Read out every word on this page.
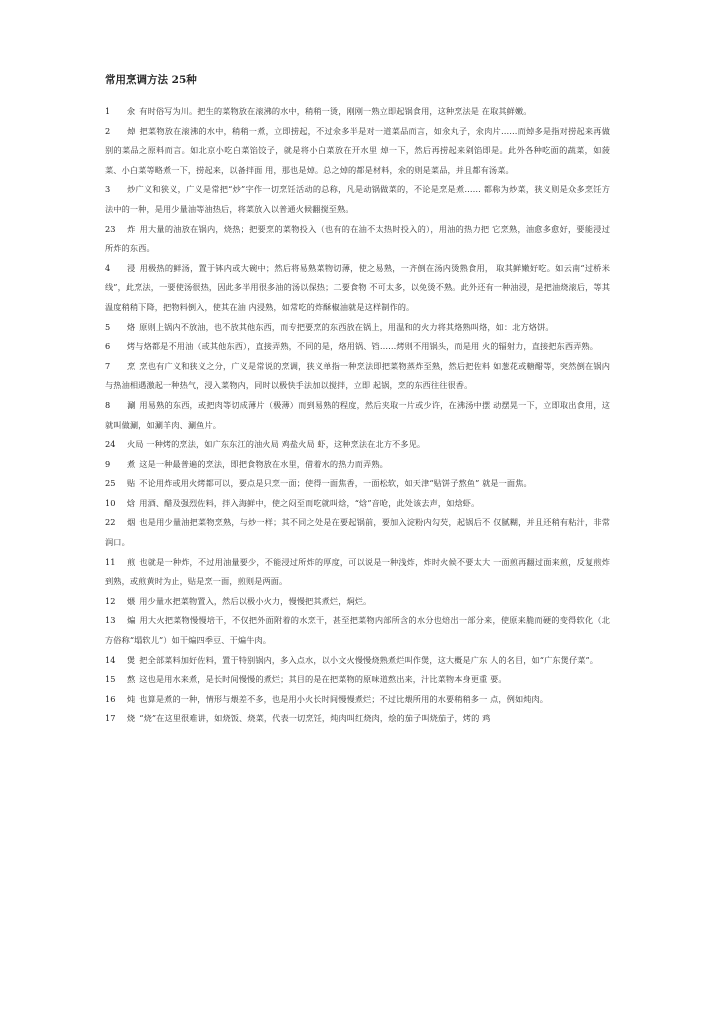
常用烹调方法 25种

1 氽 有时俗写为川。把生的菜物放在滚沸的水中，稍稍一烫，刚刚一熟立即起锅食用，这种烹法是 在取其鲜嫩。

2 焯 把菜物放在滚沸的水中，稍稍一煮，立即捞起，不过氽多半是对一道菜品而言，如氽丸子，氽肉片……而焯多是指对捞起来再做别的菜品之原料而言。如北京小吃白菜馅饺子，就是将小白菜放在开水里 焯一下，然后再捞起来剁馅即是。此外各种吃面的蔬菜，如菠菜、小白菜等略煮一下，捞起来，以备拌面 用，那也是焯。总之焯的都是材料，氽的则是菜品，并且都有汤菜。

3 炒广义和狭义，广义是常把“炒”字作一切烹饪活动的总称，凡是动锅做菜的，不论是烹是煮…… 都称为炒菜，狭义则是众多烹饪方法中的一种，是用少量油等油热后，将菜放入以普通火候翻搅至熟。

23 炸 用大量的油放在锅内，烧热；把要烹的菜物投入（也有的在油不太热时投入的），用油的热力把 它烹熟，油愈多愈好，要能浸过所炸的东西。

4 浸 用极热的鲜汤，置于钵内或大碗中；然后将易熟菜物切薄，使之易熟，一齐倒在汤内烫熟食用， 取其鲜嫩好吃。如云南“过桥米线”，此烹法，一要使汤很热，因此多半用很多油的汤以保热；二要食物 不可太多，以免烫不熟。此外还有一种油浸，是把油烧滚后，等其温度稍稍下降，把物料倒入，使其在油 内浸熟，如常吃的炸酥椒油就是这样制作的。

5 烙 原则上锅内不放油，也不放其他东西，而专把要烹的东西放在锅上，用温和的火力将其烙熟叫烙，如：北方烙饼。

6 烤与烙都是不用油（或其他东西），直接弄熟，不同的是，烙用锅、铛……烤则不用锅头，而是用 火的辐射力，直接把东西弄熟。

7 烹 烹也有广义和狭义之分，广义是常说的烹调，狭义单指一种烹法即把菜物蒸炸至熟，然后把佐料 如葱花或糖醋等，突然倒在锅内与热油相遇激起一种热气，浸入菜物内，同时以极快手法加以搅拌，立即 起锅，烹的东西往往很香。

8 涮 用易熟的东西，或把肉等切成薄片（极薄）而到易熟的程度，然后夹取一片或少许，在沸汤中摆 动摆晃一下，立即取出食用，这就叫做涮，如涮羊肉、涮鱼片。

24 火局 一种烤的烹法，如广东东江的油火局 鸡盐火局 虾，这种烹法在北方不多见。

9 煮 这是一种最普遍的烹法，即把食物放在水里，借着水的热力而弄熟。

25 贴 不论用炸或用火烤都可以，要点是只烹一面；使得一面焦香，一面松软，如天津“贴饼子熬鱼” 就是一面焦。

10 焓 用酒、醋及强烈佐料，拌入海鲜中，使之闷至而吃就叫焓，“焓”音呛，此处该去声，如焓虾。

22 烟 也是用少量油把菜物烹熟，与炒一样；其不同之处是在要起锅前，要加入淀粉内勾芡，起锅后不 仅腻糊，并且还稍有粘汁，非常润口。

11 煎 也就是一种炸，不过用油量要少，不能浸过所炸的厚度，可以说是一种浅炸，炸时火候不要太大 一面煎再翻过面来煎，反复煎炸到熟，或煎黄时为止，贴是烹一面，煎则是两面。

12 煨 用少量水把菜物置入，然后以极小火力，慢慢把其煮烂，焖烂。

13 煸 用大火把菜物慢慢培干，不仅把外面附着的水烹干，甚至把菜物内部所含的水分也焙出一部分来，使原来脆而硬的变得软化（北方俗称“塌软儿”）如干煸四季豆、干煸牛肉。

14 煲 把全部菜料加好佐料，置于特别锅内，多入点水，以小文火慢慢烧熟煮烂叫作煲，这大概是广东 人的名目，如“广东煲仔菜”。

15 熬 这也是用水来煮，是长时间慢慢的煮烂；其目的是在把菜物的原味道熬出来，汁比菜物本身更重 要。

16 炖 也算是煮的一种，情形与煨差不多，也是用小火长时间慢慢煮烂；不过比煨所用的水要稍稍多一 点，例如炖肉。

17 烧 “烧”在这里很难讲，如烧饭、烧菜，代表一切烹饪，炖肉叫红烧肉，烩的茄子叫烧茄子，烤的 鸡
